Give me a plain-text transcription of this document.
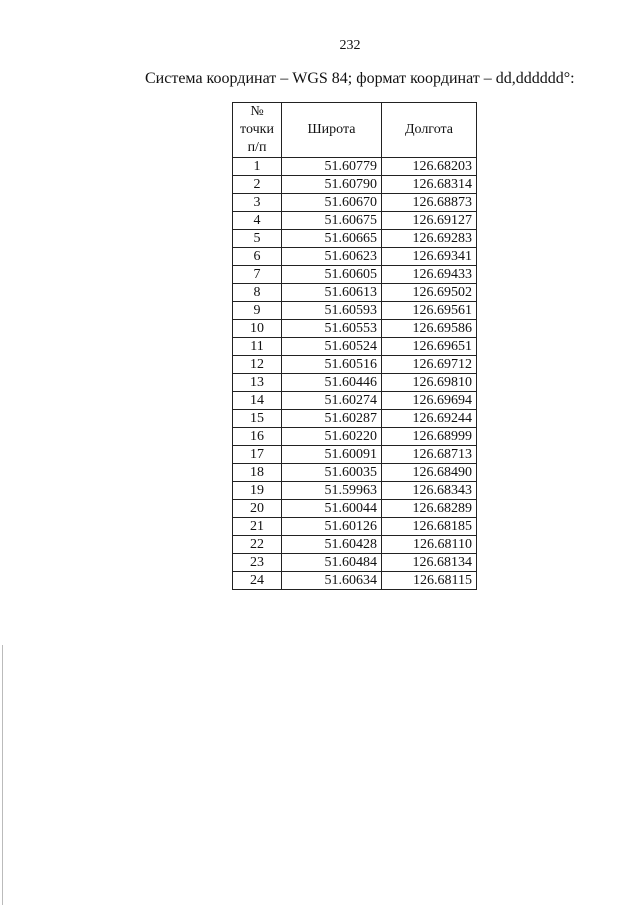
232
Система координат – WGS 84; формат координат – dd,dddddd°:
№ точки п/п	Широта	Долгота
1	51.60779	126.68203
2	51.60790	126.68314
3	51.60670	126.68873
4	51.60675	126.69127
5	51.60665	126.69283
6	51.60623	126.69341
7	51.60605	126.69433
8	51.60613	126.69502
9	51.60593	126.69561
10	51.60553	126.69586
11	51.60524	126.69651
12	51.60516	126.69712
13	51.60446	126.69810
14	51.60274	126.69694
15	51.60287	126.69244
16	51.60220	126.68999
17	51.60091	126.68713
18	51.60035	126.68490
19	51.59963	126.68343
20	51.60044	126.68289
21	51.60126	126.68185
22	51.60428	126.68110
23	51.60484	126.68134
24	51.60634	126.68115
